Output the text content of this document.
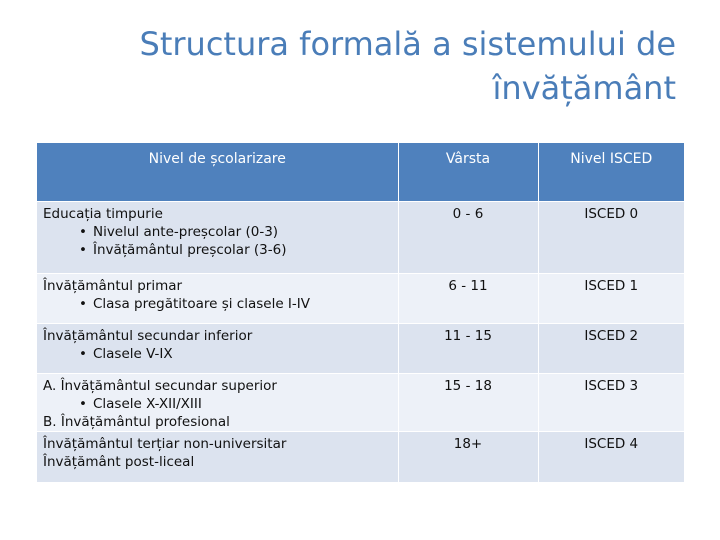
Structura formală a sistemului de
învățământ
Nivel de școlarizare	Vârsta	Nivel ISCED

Educația timpurie
• Nivelul ante-preșcolar (0-3)
• Învățământul preșcolar (3-6)	0 - 6	ISCED 0

Învățământul primar
• Clasa pregătitoare și clasele I-IV	6 - 11	ISCED 1

Învățământul secundar inferior
• Clasele V-IX	11 - 15	ISCED 2

A. Învățământul secundar superior
• Clasele X-XII/XIII
B. Învățământul profesional	15 - 18	ISCED 3

Învățământul terțiar non-universitar
Învățământ post-liceal	18+	ISCED 4
